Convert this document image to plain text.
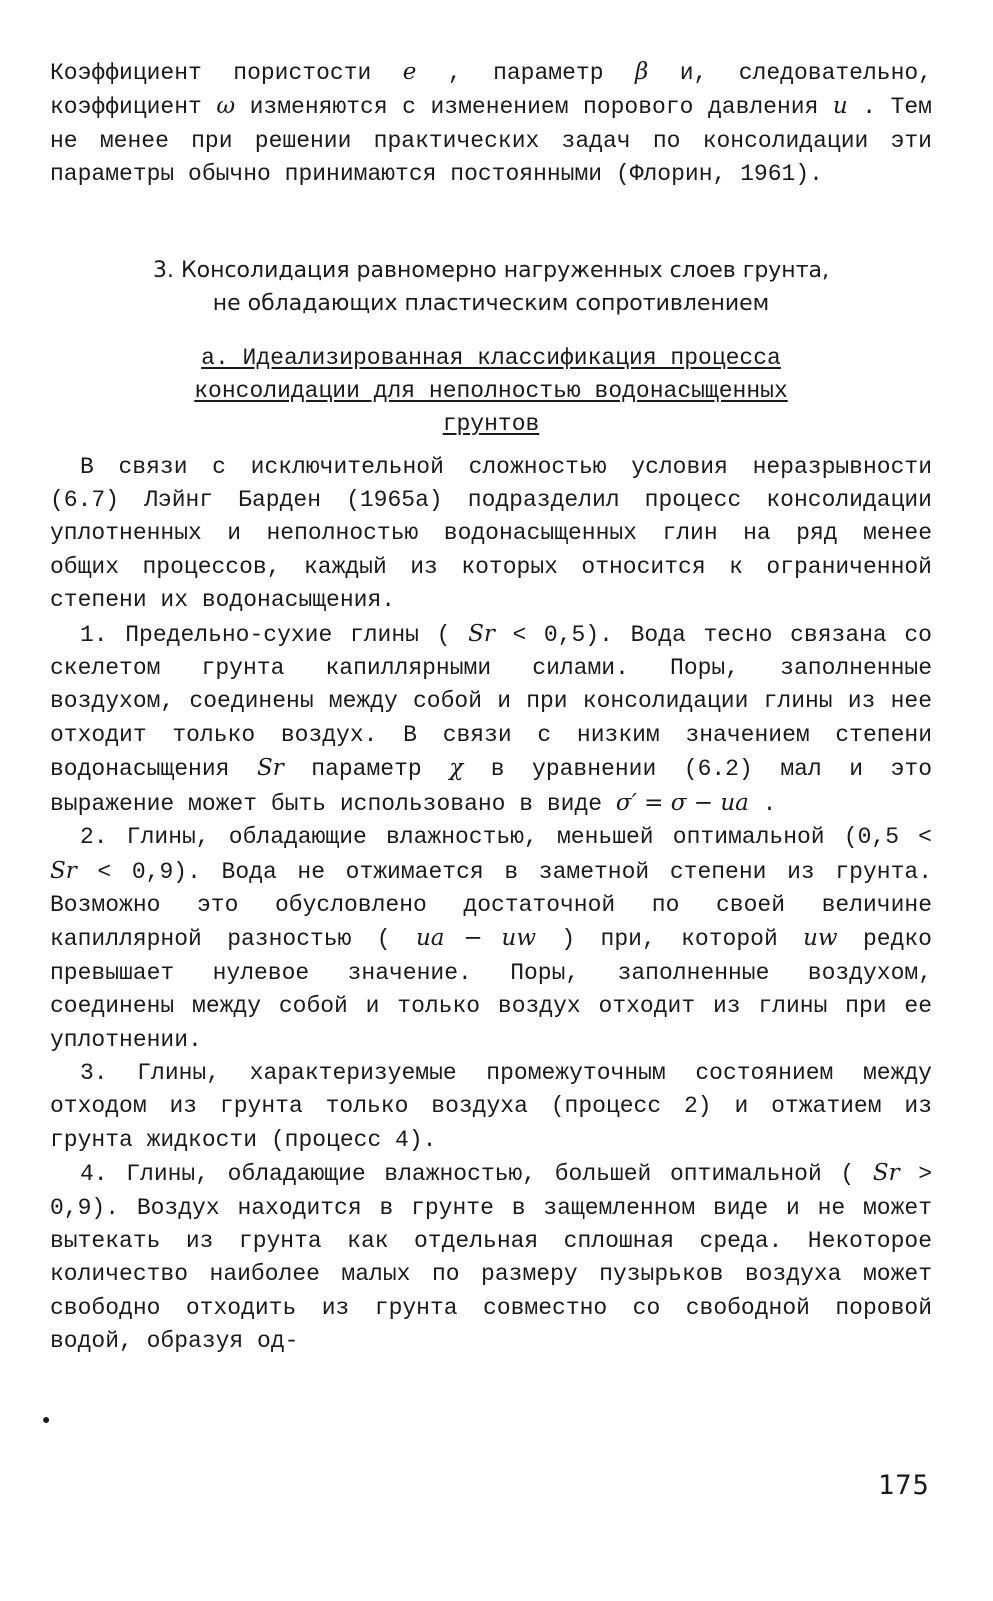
Коэффициент пористости e , параметр β и, следовательно, коэффициент ω изменяются с изменением порового давления u . Тем не менее при решении практических задач по консолидации эти параметры обычно принимаются постоянными (Флорин, 1961).

3. Консолидация равномерно нагруженных слоев грунта,
не обладающих пластическим сопротивлением
а. Идеализированная классификация процесса консолидации для неполностью водонасыщенных грунтов

В связи с исключительной сложностью условия неразрывности (6.7) Лэйнг Барден (1965а) подразделил процесс консолидации уплотненных и неполностью водонасыщенных глин на ряд менее общих процессов, каждый из которых относится к ограниченной степени их водонасыщения.

1. Предельно-сухие глины ( Sr < 0,5). Вода тесно связана со скелетом грунта капиллярными силами. Поры, заполненные воздухом, соединены между собой и при консолидации глины из нее отходит только воздух. В связи с низким значением степени водонасыщения Sr параметр χ в уравнении (6.2) мал и это выражение может быть использовано в виде σ′ = σ − ua .

2. Глины, обладающие влажностью, меньшей оптимальной (0,5 < Sr < 0,9). Вода не отжимается в заметной степени из грунта. Возможно это обусловлено достаточной по своей величине капиллярной разностью ( ua − uw ) при, которой uw редко превышает нулевое значение. Поры, заполненные воздухом, соединены между собой и только воздух отходит из глины при ее уплотнении.

3. Глины, характеризуемые промежуточным состоянием между отходом из грунта только воздуха (процесс 2) и отжатием из грунта жидкости (процесс 4).

4. Глины, обладающие влажностью, большей оптимальной ( Sr > 0,9). Воздух находится в грунте в защемленном виде и не может вытекать из грунта как отдельная сплошная среда. Некоторое количество наиболее малых по размеру пузырьков воздуха может свободно отходить из грунта совместно со свободной поровой водой, образуя од-

●
175
